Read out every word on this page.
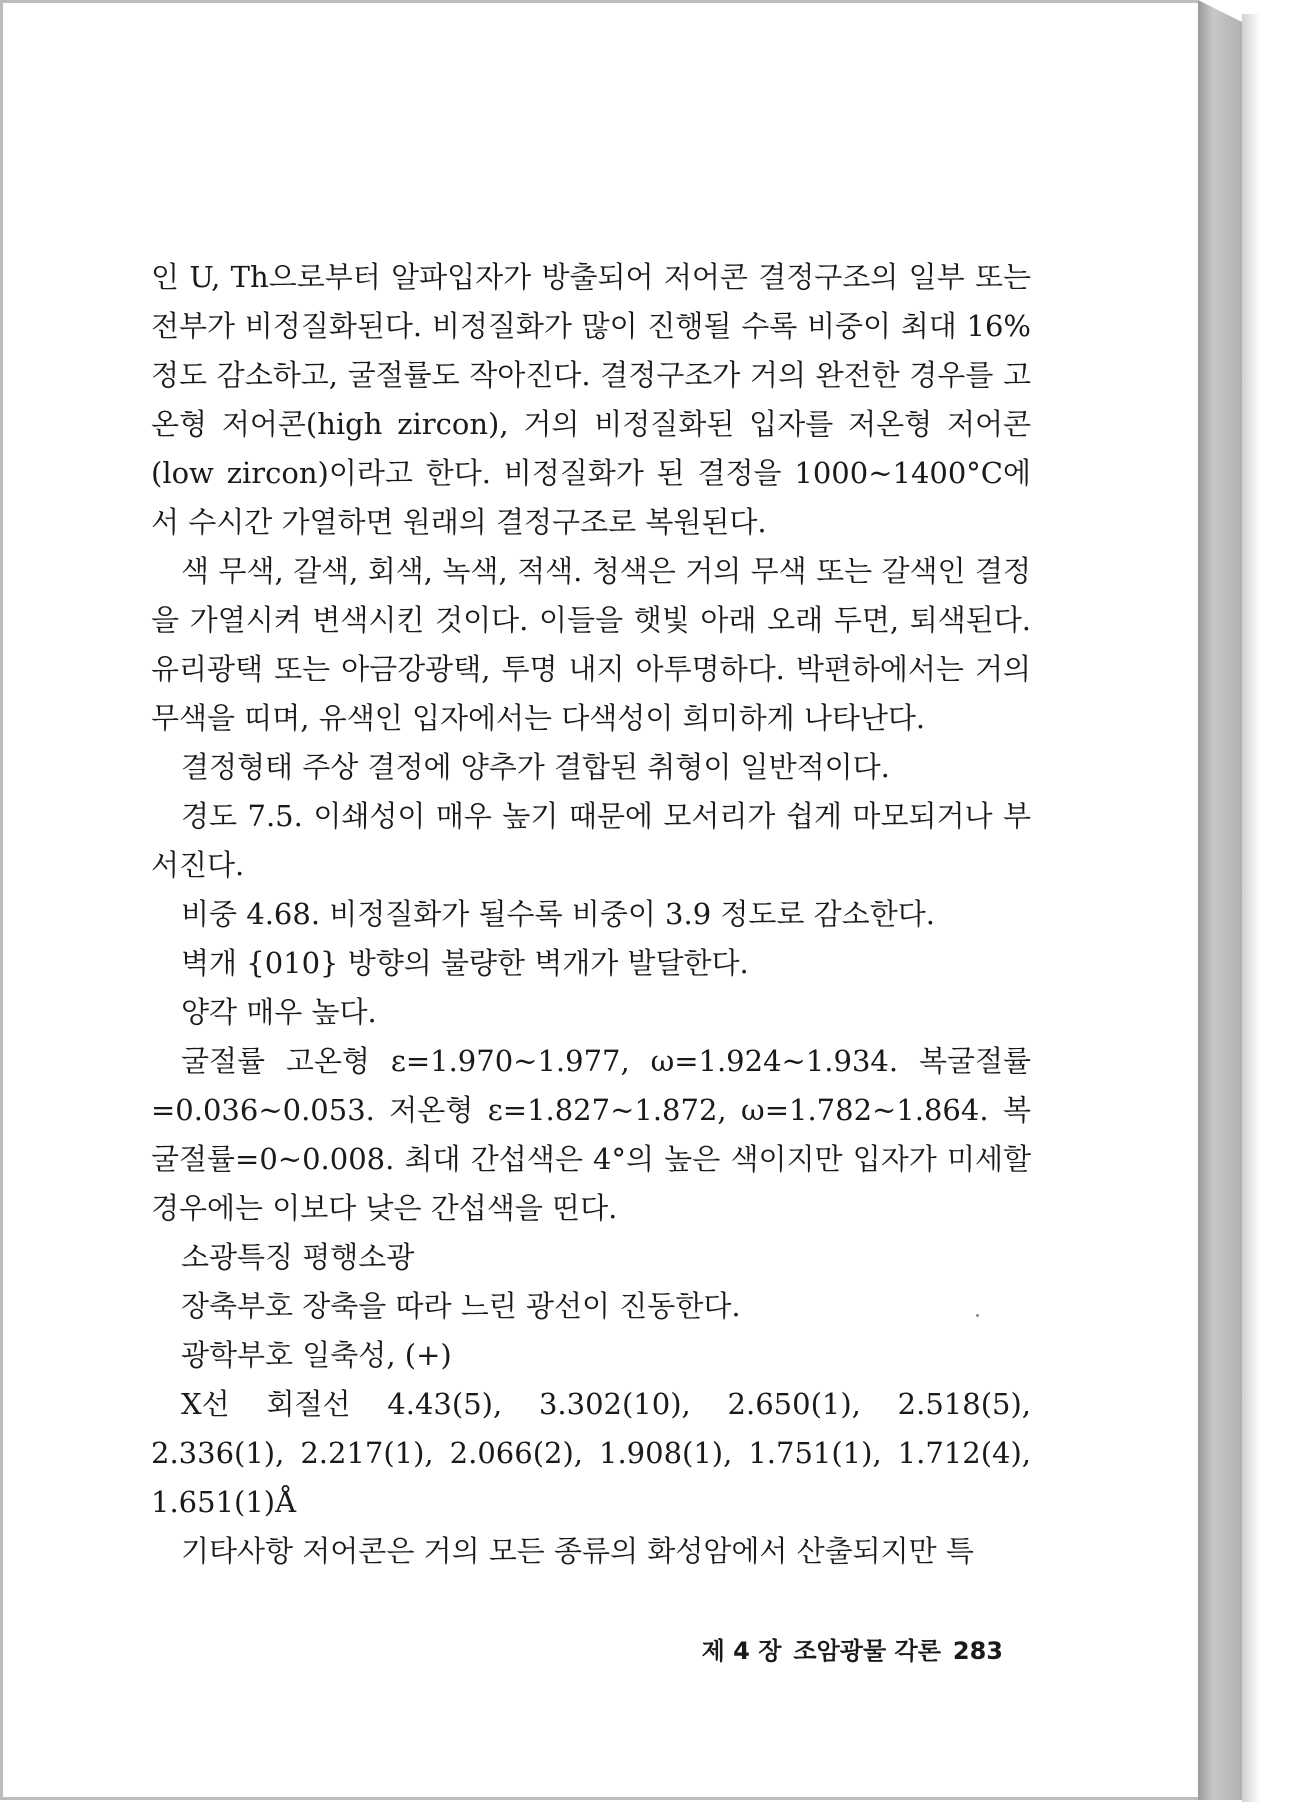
인 U, Th으로부터 알파입자가 방출되어 저어콘 결정구조의 일부 또는 전부가 비정질화된다. 비정질화가 많이 진행될 수록 비중이 최대 16% 정도 감소하고, 굴절률도 작아진다. 결정구조가 거의 완전한 경우를 고온형 저어콘(high zircon), 거의 비정질화된 입자를 저온형 저어콘(low zircon)이라고 한다. 비정질화가 된 결정을 1000~1400°C에서 수시간 가열하면 원래의 결정구조로 복원된다.

색 무색, 갈색, 회색, 녹색, 적색. 청색은 거의 무색 또는 갈색인 결정을 가열시켜 변색시킨 것이다. 이들을 햇빛 아래 오래 두면, 퇴색된다. 유리광택 또는 아금강광택, 투명 내지 아투명하다. 박편하에서는 거의 무색을 띠며, 유색인 입자에서는 다색성이 희미하게 나타난다.

결정형태 주상 결정에 양추가 결합된 취형이 일반적이다.

경도 7.5. 이쇄성이 매우 높기 때문에 모서리가 쉽게 마모되거나 부서진다.

비중 4.68. 비정질화가 될수록 비중이 3.9 정도로 감소한다.

벽개 {010} 방향의 불량한 벽개가 발달한다.

양각 매우 높다.

굴절률 고온형 ε=1.970~1.977, ω=1.924~1.934. 복굴절률=0.036~0.053. 저온형 ε=1.827~1.872, ω=1.782~1.864. 복굴절률=0~0.008. 최대 간섭색은 4°의 높은 색이지만 입자가 미세할 경우에는 이보다 낮은 간섭색을 띤다.

소광특징 평행소광

장축부호 장축을 따라 느린 광선이 진동한다.

광학부호 일축성, (+)

X선 회절선 4.43(5), 3.302(10), 2.650(1), 2.518(5), 2.336(1), 2.217(1), 2.066(2), 1.908(1), 1.751(1), 1.712(4), 1.651(1)Å

기타사항 저어콘은 거의 모든 종류의 화성암에서 산출되지만 특

제 4 장 조암광물 각론 283
